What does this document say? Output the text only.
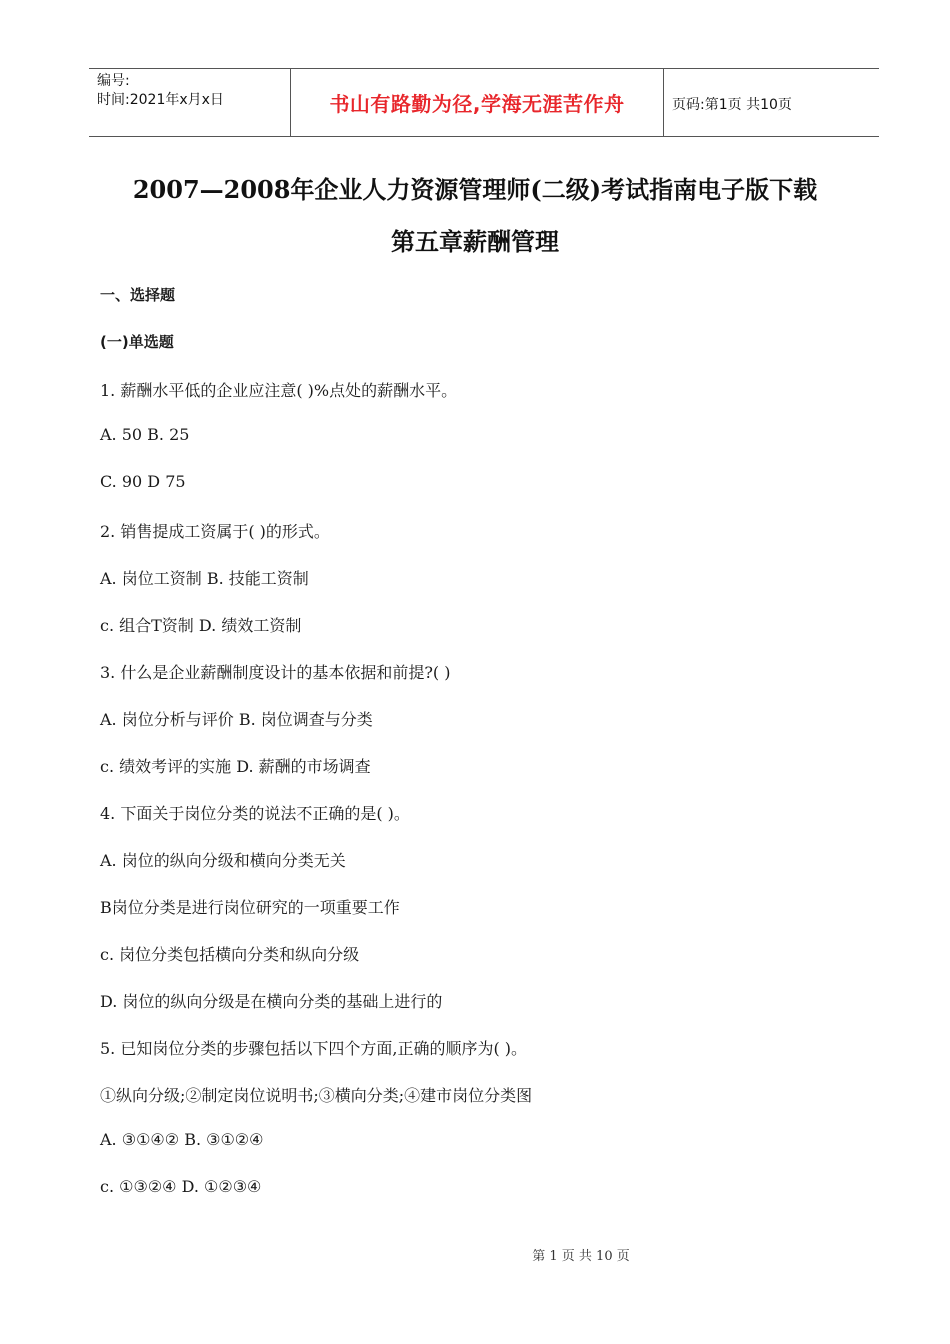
编号:
时间:2021年x月x日	书山有路勤为径,学海无涯苦作舟	页码:第1页 共10页
2007—2008年企业人力资源管理师(二级)考试指南电子版下载
第五章薪酬管理
一、选择题
(一)单选题
1. 薪酬水平低的企业应注意( )%点处的薪酬水平。
A. 50 B. 25
C. 90 D 75
2. 销售提成工资属于( )的形式。
A. 岗位工资制 B. 技能工资制
c. 组合T资制 D. 绩效工资制
3. 什么是企业薪酬制度设计的基本依据和前提?( )
A. 岗位分析与评价 B. 岗位调查与分类
c. 绩效考评的实施 D. 薪酬的市场调查
4. 下面关于岗位分类的说法不正确的是( )。
A. 岗位的纵向分级和横向分类无关
B岗位分类是进行岗位研究的一项重要工作
c. 岗位分类包括横向分类和纵向分级
D. 岗位的纵向分级是在横向分类的基础上进行的
5. 已知岗位分类的步骤包括以下四个方面,正确的顺序为( )。
①纵向分级;②制定岗位说明书;③横向分类;④建市岗位分类图
A. ③①④② B. ③①②④
c. ①③②④ D. ①②③④
第 1 页 共 10 页
